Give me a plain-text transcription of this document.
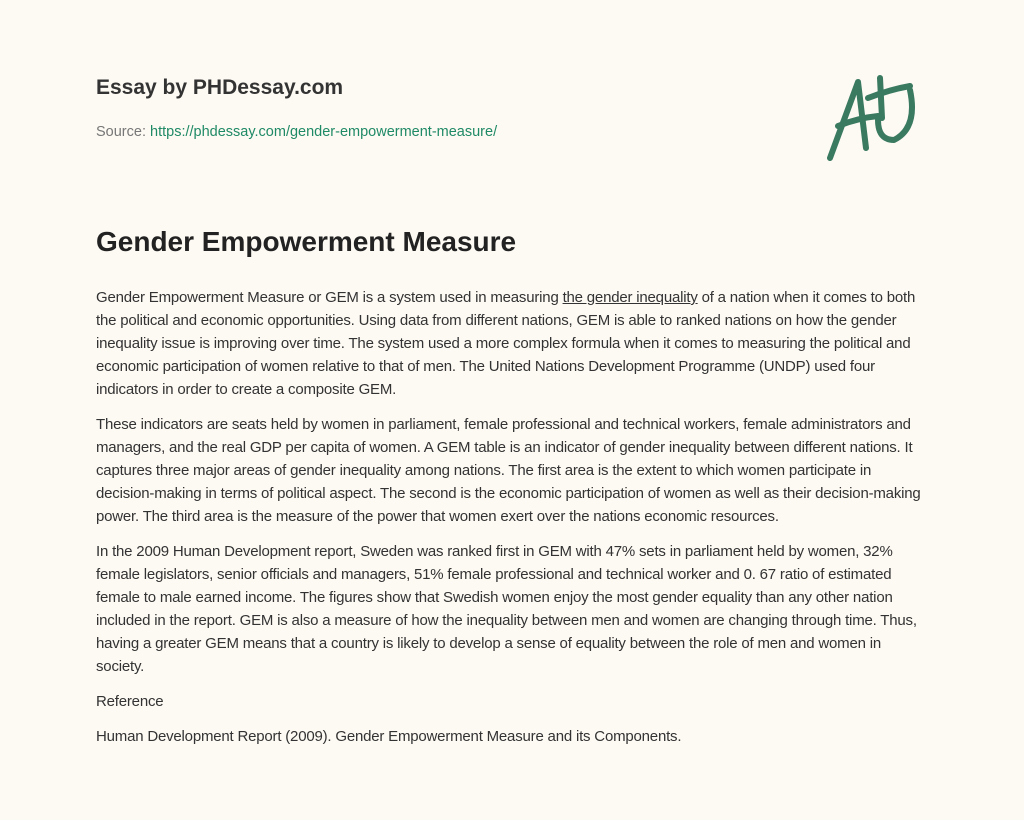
Essay by PHDessay.com
Source: https://phdessay.com/gender-empowerment-measure/
Gender Empowerment Measure

Gender Empowerment Measure or GEM is a system used in measuring the gender inequality of a nation when it comes to both the political and economic opportunities. Using data from different nations, GEM is able to ranked nations on how the gender inequality issue is improving over time. The system used a more complex formula when it comes to measuring the political and economic participation of women relative to that of men. The United Nations Development Programme (UNDP) used four indicators in order to create a composite GEM.

These indicators are seats held by women in parliament, female professional and technical workers, female administrators and managers, and the real GDP per capita of women. A GEM table is an indicator of gender inequality between different nations. It captures three major areas of gender inequality among nations. The first area is the extent to which women participate in decision-making in terms of political aspect. The second is the economic participation of women as well as their decision-making power. The third area is the measure of the power that women exert over the nations economic resources.

In the 2009 Human Development report, Sweden was ranked first in GEM with 47% sets in parliament held by women, 32% female legislators, senior officials and managers, 51% female professional and technical worker and 0. 67 ratio of estimated female to male earned income. The figures show that Swedish women enjoy the most gender equality than any other nation included in the report. GEM is also a measure of how the inequality between men and women are changing through time. Thus, having a greater GEM means that a country is likely to develop a sense of equality between the role of men and women in society.

Reference

Human Development Report (2009). Gender Empowerment Measure and its Components.
